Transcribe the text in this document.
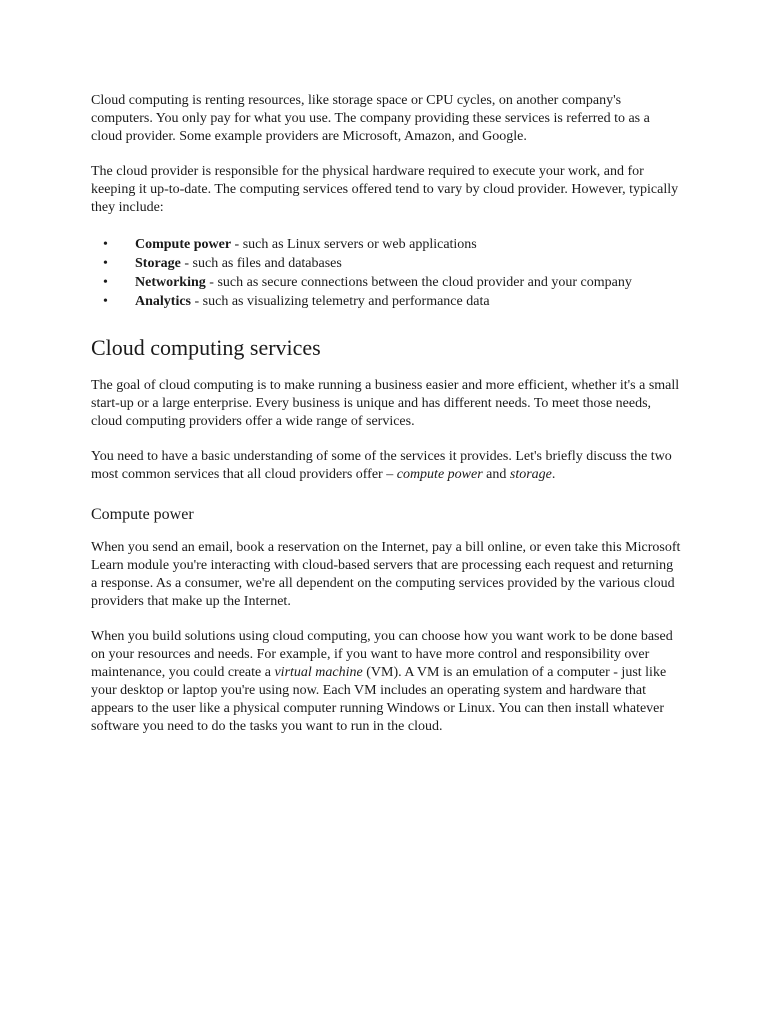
Cloud computing is renting resources, like storage space or CPU cycles, on another company's computers. You only pay for what you use. The company providing these services is referred to as a cloud provider. Some example providers are Microsoft, Amazon, and Google.

The cloud provider is responsible for the physical hardware required to execute your work, and for keeping it up-to-date. The computing services offered tend to vary by cloud provider. However, typically they include:

• Compute power - such as Linux servers or web applications
• Storage - such as files and databases
• Networking - such as secure connections between the cloud provider and your company
• Analytics - such as visualizing telemetry and performance data
Cloud computing services

The goal of cloud computing is to make running a business easier and more efficient, whether it's a small start-up or a large enterprise. Every business is unique and has different needs. To meet those needs, cloud computing providers offer a wide range of services.

You need to have a basic understanding of some of the services it provides. Let's briefly discuss the two most common services that all cloud providers offer – compute power and storage.

Compute power

When you send an email, book a reservation on the Internet, pay a bill online, or even take this Microsoft Learn module you're interacting with cloud-based servers that are processing each request and returning a response. As a consumer, we're all dependent on the computing services provided by the various cloud providers that make up the Internet.

When you build solutions using cloud computing, you can choose how you want work to be done based on your resources and needs. For example, if you want to have more control and responsibility over maintenance, you could create a virtual machine (VM). A VM is an emulation of a computer - just like your desktop or laptop you're using now. Each VM includes an operating system and hardware that appears to the user like a physical computer running Windows or Linux. You can then install whatever software you need to do the tasks you want to run in the cloud.
